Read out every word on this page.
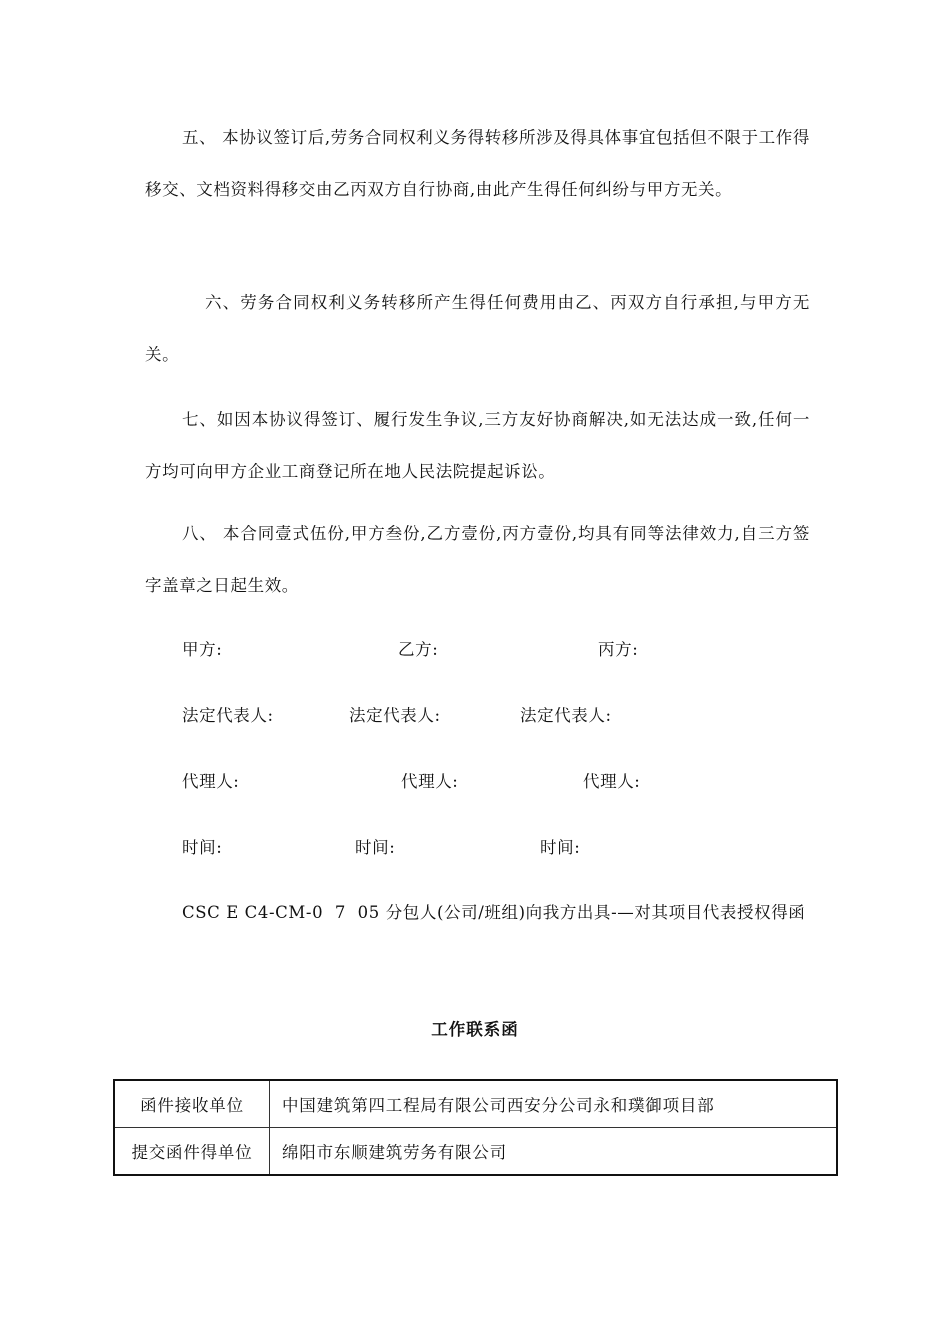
五、 本协议签订后,劳务合同权利义务得转移所涉及得具体事宜包括但不限于工作得移交、文档资料得移交由乙丙双方自行协商,由此产生得任何纠纷与甲方无关。

六、劳务合同权利义务转移所产生得任何费用由乙、丙双方自行承担,与甲方无关。

七、如因本协议得签订、履行发生争议,三方友好协商解决,如无法达成一致,任何一方均可向甲方企业工商登记所在地人民法院提起诉讼。

八、 本合同壹式伍份,甲方叁份,乙方壹份,丙方壹份,均具有同等法律效力,自三方签字盖章之日起生效。

甲方:	乙方:	丙方:
法定代表人:	法定代表人:	法定代表人:
代理人:	代理人:	代理人:
时间:	时间:	时间:

CSC E C4-CM-0  7  05 分包人(公司/班组)向我方出具-—对其项目代表授权得函

工作联系函
函件接收单位	中国建筑第四工程局有限公司西安分公司永和璞御项目部
提交函件得单位	绵阳市东顺建筑劳务有限公司
